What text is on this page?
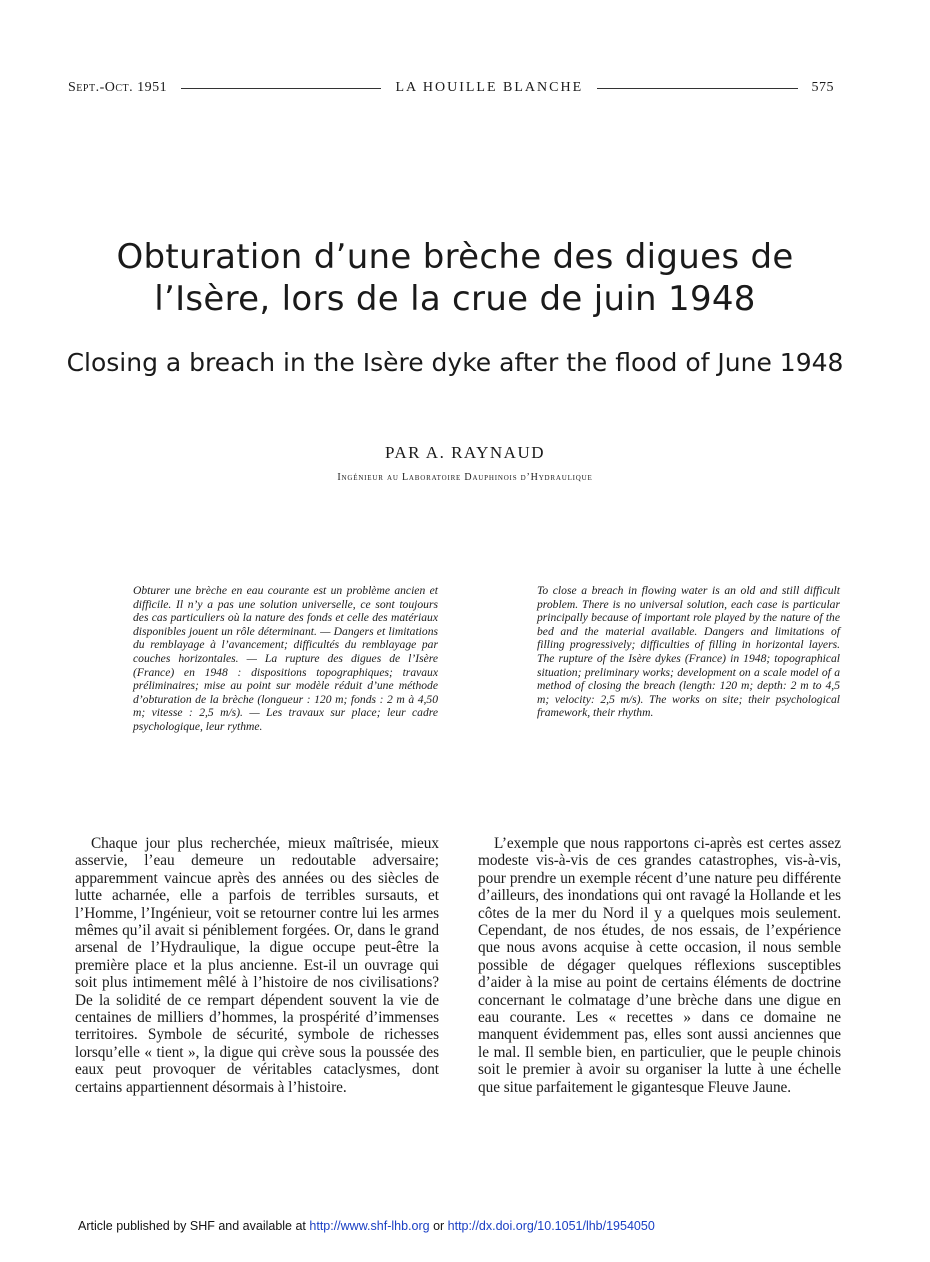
Sept.-Oct. 1951	LA HOUILLE BLANCHE	575
Obturation d’une brèche des digues de l’Isère, lors de la crue de juin 1948
Closing a breach in the Isère dyke after the flood of June 1948
PAR A. RAYNAUD
Ingénieur au Laboratoire Dauphinois d’Hydraulique

Obturer une brèche en eau courante est un problème ancien et difficile. Il n’y a pas une solution universelle, ce sont toujours des cas particuliers où la nature des fonds et celle des matériaux disponibles jouent un rôle déterminant. — Dangers et limitations du remblayage à l’avancement; difficultés du remblayage par couches horizontales. — La rupture des digues de l’Isère (France) en 1948 : dispositions topographiques; travaux préliminaires; mise au point sur modèle réduit d’une méthode d’obturation de la brèche (longueur : 120 m; fonds : 2 m à 4,50 m; vitesse : 2,5 m/s). — Les travaux sur place; leur cadre psychologique, leur rythme.

To close a breach in flowing water is an old and still difficult problem. There is no universal solution, each case is particular principally because of important role played by the nature of the bed and the material available. Dangers and limitations of filling progressively; difficulties of filling in horizontal layers. The rupture of the Isère dykes (France) in 1948; topographical situation; preliminary works; development on a scale model of a method of closing the breach (length: 120 m; depth: 2 m to 4,5 m; velocity: 2,5 m/s). The works on site; their psychological framework, their rhythm.

Chaque jour plus recherchée, mieux maîtrisée, mieux asservie, l’eau demeure un redoutable adversaire; apparemment vaincue après des années ou des siècles de lutte acharnée, elle a parfois de terribles sursauts, et l’Homme, l’Ingénieur, voit se retourner contre lui les armes mêmes qu’il avait si péniblement forgées. Or, dans le grand arsenal de l’Hydraulique, la digue occupe peut-être la première place et la plus ancienne. Est-il un ouvrage qui soit plus intimement mêlé à l’histoire de nos civilisations? De la solidité de ce rempart dépendent souvent la vie de centaines de milliers d’hommes, la prospérité d’immenses territoires. Symbole de sécurité, symbole de richesses lorsqu’elle « tient », la digue qui crève sous la poussée des eaux peut provoquer de véritables cataclysmes, dont certains appartiennent désormais à l’histoire.

L’exemple que nous rapportons ci-après est certes assez modeste vis-à-vis de ces grandes catastrophes, vis-à-vis, pour prendre un exemple récent d’une nature peu différente d’ailleurs, des inondations qui ont ravagé la Hollande et les côtes de la mer du Nord il y a quelques mois seulement. Cependant, de nos études, de nos essais, de l’expérience que nous avons acquise à cette occasion, il nous semble possible de dégager quelques réflexions susceptibles d’aider à la mise au point de certains éléments de doctrine concernant le colmatage d’une brèche dans une digue en eau courante. Les « recettes » dans ce domaine ne manquent évidemment pas, elles sont aussi anciennes que le mal. Il semble bien, en particulier, que le peuple chinois soit le premier à avoir su organiser la lutte à une échelle que situe parfaitement le gigantesque Fleuve Jaune.

Article published by SHF and available at http://www.shf-lhb.org or http://dx.doi.org/10.1051/lhb/1954050
